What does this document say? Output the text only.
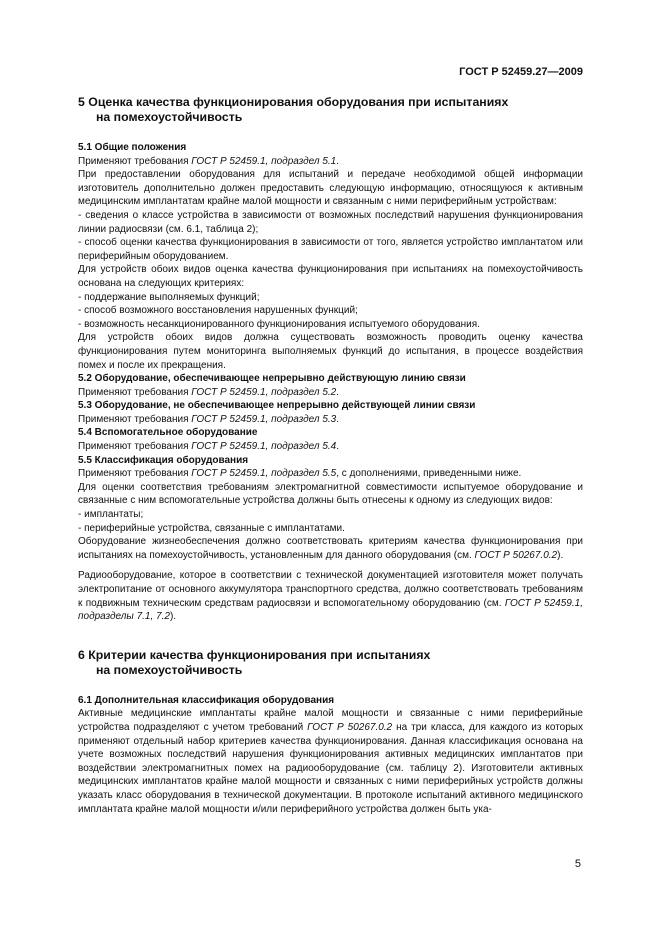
ГОСТ Р 52459.27—2009
5 Оценка качества функционирования оборудования при испытаниях
на помехоустойчивость

5.1 Общие положения

Применяют требования ГОСТ Р 52459.1, подраздел 5.1.

При предоставлении оборудования для испытаний и передаче необходимой общей информации изготовитель дополнительно должен предоставить следующую информацию, относящуюся к активным медицинским имплантатам крайне малой мощности и связанным с ними периферийным устройствам:

- сведения о классе устройства в зависимости от возможных последствий нарушения функционирования линии радиосвязи (см. 6.1, таблица 2);

- способ оценки качества функционирования в зависимости от того, является устройство имплантатом или периферийным оборудованием.

Для устройств обоих видов оценка качества функционирования при испытаниях на помехоустойчивость основана на следующих критериях:

- поддержание выполняемых функций;

- способ возможного восстановления нарушенных функций;

- возможность несанкционированного функционирования испытуемого оборудования.

Для устройств обоих видов должна существовать возможность проводить оценку качества функционирования путем мониторинга выполняемых функций до испытания, в процессе воздействия помех и после их прекращения.

5.2 Оборудование, обеспечивающее непрерывно действующую линию связи

Применяют требования ГОСТ Р 52459.1, подраздел 5.2.

5.3 Оборудование, не обеспечивающее непрерывно действующей линии связи

Применяют требования ГОСТ Р 52459.1, подраздел 5.3.

5.4 Вспомогательное оборудование

Применяют требования ГОСТ Р 52459.1, подраздел 5.4.

5.5 Классификация оборудования

Применяют требования ГОСТ Р 52459.1, подраздел 5.5, с дополнениями, приведенными ниже.

Для оценки соответствия требованиям электромагнитной совместимости испытуемое оборудование и связанные с ним вспомогательные устройства должны быть отнесены к одному из следующих видов:

- имплантаты;

- периферийные устройства, связанные с имплантатами.

Оборудование жизнеобеспечения должно соответствовать критериям качества функционирования при испытаниях на помехоустойчивость, установленным для данного оборудования (см. ГОСТ Р 50267.0.2).

Радиооборудование, которое в соответствии с технической документацией изготовителя может получать электропитание от основного аккумулятора транспортного средства, должно соответствовать требованиям к подвижным техническим средствам радиосвязи и вспомогательному оборудованию (см. ГОСТ Р 52459.1, подразделы 7.1, 7.2).

6 Критерии качества функционирования при испытаниях
на помехоустойчивость

6.1 Дополнительная классификация оборудования

Активные медицинские имплантаты крайне малой мощности и связанные с ними периферийные устройства подразделяют с учетом требований ГОСТ Р 50267.0.2 на три класса, для каждого из которых применяют отдельный набор критериев качества функционирования. Данная классификация основана на учете возможных последствий нарушения функционирования активных медицинских имплантатов при воздействии электромагнитных помех на радиооборудование (см. таблицу 2). Изготовители активных медицинских имплантатов крайне малой мощности и связанных с ними периферийных устройств должны указать класс оборудования в технической документации. В протоколе испытаний активного медицинского имплантата крайне малой мощности и/или периферийного устройства должен быть ука-

5
